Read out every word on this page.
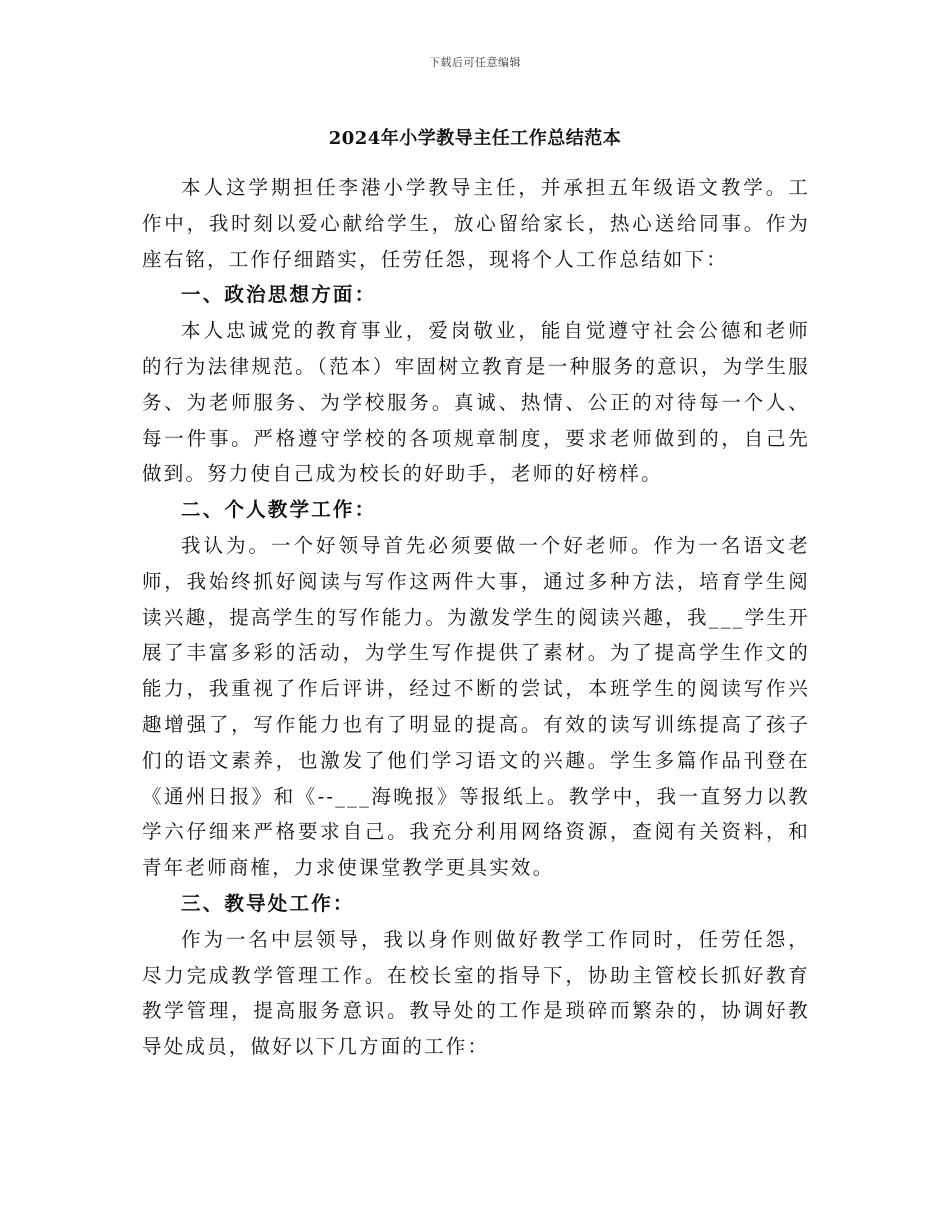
下载后可任意编辑
2024年小学教导主任工作总结范本

本人这学期担任李港小学教导主任，并承担五年级语文教学。工作中，我时刻以爱心献给学生，放心留给家长，热心送给同事。作为座右铭，工作仔细踏实，任劳任怨，现将个人工作总结如下：

一、政治思想方面：

本人忠诚党的教育事业，爱岗敬业，能自觉遵守社会公德和老师的行为法律规范。（范本）牢固树立教育是一种服务的意识，为学生服务、为老师服务、为学校服务。真诚、热情、公正的对待每一个人、每一件事。严格遵守学校的各项规章制度，要求老师做到的，自己先做到。努力使自己成为校长的好助手，老师的好榜样。

二、个人教学工作：

我认为。一个好领导首先必须要做一个好老师。作为一名语文老师，我始终抓好阅读与写作这两件大事，通过多种方法，培育学生阅读兴趣，提高学生的写作能力。为激发学生的阅读兴趣，我___学生开展了丰富多彩的活动，为学生写作提供了素材。为了提高学生作文的能力，我重视了作后评讲，经过不断的尝试，本班学生的阅读写作兴趣增强了，写作能力也有了明显的提高。有效的读写训练提高了孩子们的语文素养，也激发了他们学习语文的兴趣。学生多篇作品刊登在《通州日报》和《--___海晚报》等报纸上。教学中，我一直努力以教学六仔细来严格要求自己。我充分利用网络资源，查阅有关资料，和青年老师商榷，力求使课堂教学更具实效。

三、教导处工作：

作为一名中层领导，我以身作则做好教学工作同时，任劳任怨，尽力完成教学管理工作。在校长室的指导下，协助主管校长抓好教育教学管理，提高服务意识。教导处的工作是琐碎而繁杂的，协调好教导处成员，做好以下几方面的工作：
